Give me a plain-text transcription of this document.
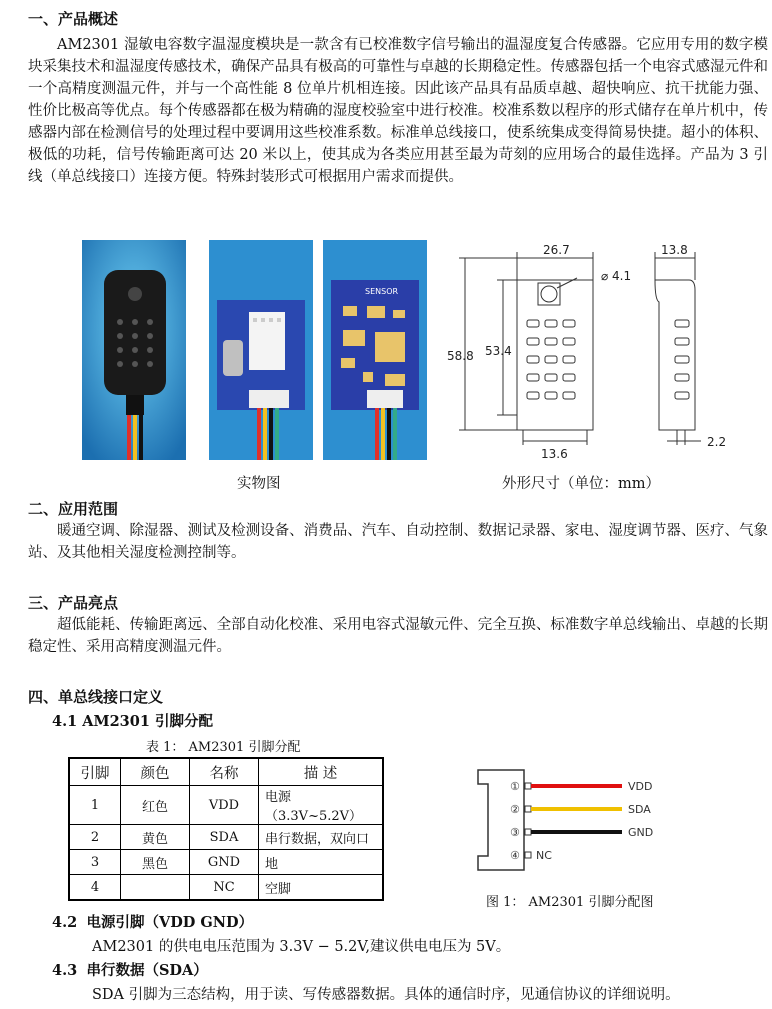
一、产品概述
AM2301 湿敏电容数字温湿度模块是一款含有已校准数字信号输出的温湿度复合传感器。它应用专用的数字模块采集技术和温湿度传感技术，确保产品具有极高的可靠性与卓越的长期稳定性。传感器包括一个电容式感湿元件和一个高精度测温元件，并与一个高性能 8 位单片机相连接。因此该产品具有品质卓越、超快响应、抗干扰能力强、性价比极高等优点。每个传感器都在极为精确的湿度校验室中进行校准。校准系数以程序的形式储存在单片机中，传感器内部在检测信号的处理过程中要调用这些校准系数。标准单总线接口，使系统集成变得简易快捷。超小的体积、极低的功耗，信号传输距离可达 20 米以上，使其成为各类应用甚至最为苛刻的应用场合的最佳选择。产品为 3 引线（单总线接口）连接方便。特殊封装形式可根据用户需求而提供。
SENSOR
26.7
⌀ 4.1
13.8
58.8 53.4
13.6
2.2
实物图	外形尺寸（单位：mm）
二、应用范围
暖通空调、除湿器、测试及检测设备、消费品、汽车、自动控制、数据记录器、家电、湿度调节器、医疗、气象站、及其他相关湿度检测控制等。
三、产品亮点
超低能耗、传输距离远、全部自动化校准、采用电容式湿敏元件、完全互换、标准数字单总线输出、卓越的长期稳定性、采用高精度测温元件。
四、单总线接口定义
4.1 AM2301 引脚分配
表 1： AM2301 引脚分配
引脚	颜色	名称	描 述
1	红色	VDD	电源（3.3V~5.2V）
2	黄色	SDA	串行数据，双向口
3	黑色	GND	地
4		NC	空脚
①	VDD
②	SDA
③	GND
④ NC
图 1： AM2301 引脚分配图
4.2 电源引脚（VDD GND）
AM2301 的供电电压范围为 3.3V − 5.2V,建议供电电压为 5V。
4.3 串行数据（SDA）
SDA 引脚为三态结构，用于读、写传感器数据。具体的通信时序，见通信协议的详细说明。
